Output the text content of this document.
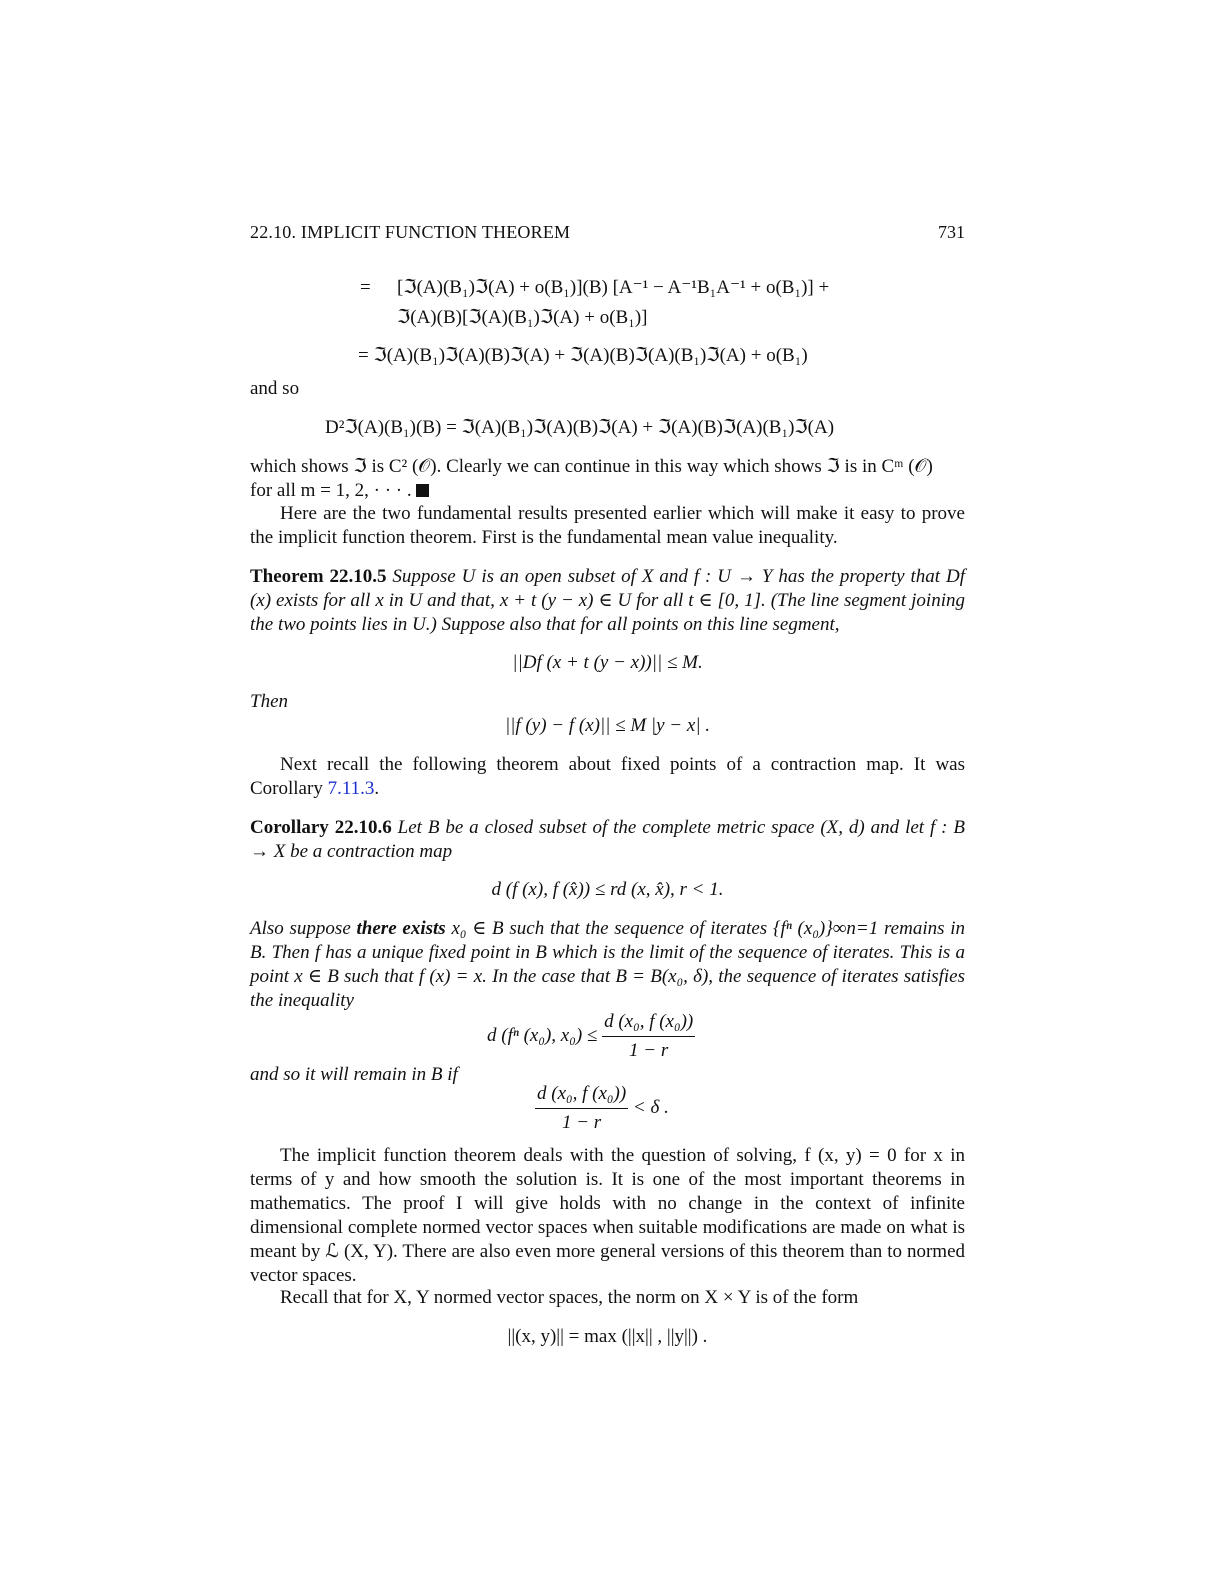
22.10. IMPLICIT FUNCTION THEOREM	731
= [ℑ(A)(B₁)ℑ(A) + o(B₁)](B) [A⁻¹ − A⁻¹B₁A⁻¹ + o(B₁)] +
ℑ(A)(B)[ℑ(A)(B₁)ℑ(A) + o(B₁)]
= ℑ(A)(B₁)ℑ(A)(B)ℑ(A) + ℑ(A)(B)ℑ(A)(B₁)ℑ(A) + o(B₁)
and so
D²ℑ(A)(B₁)(B) = ℑ(A)(B₁)ℑ(A)(B)ℑ(A) + ℑ(A)(B)ℑ(A)(B₁)ℑ(A)
which shows ℑ is C² (𝒪). Clearly we can continue in this way which shows ℑ is in Cᵐ (𝒪)
for all m = 1, 2, · · · .
Here are the two fundamental results presented earlier which will make it easy to prove the implicit function theorem. First is the fundamental mean value inequality.
Theorem 22.10.5 Suppose U is an open subset of X and f : U → Y has the property that Df (x) exists for all x in U and that, x + t (y − x) ∈ U for all t ∈ [0, 1]. (The line segment joining the two points lies in U.) Suppose also that for all points on this line segment,
||Df (x + t (y − x))|| ≤ M.
Then
||f (y) − f (x)|| ≤ M |y − x| .
Next recall the following theorem about fixed points of a contraction map. It was Corollary 7.11.3.
Corollary 22.10.6 Let B be a closed subset of the complete metric space (X, d) and let f : B → X be a contraction map
d (f (x), f (x̂)) ≤ rd (x, x̂), r < 1.
Also suppose there exists x₀ ∈ B such that the sequence of iterates {fⁿ (x₀)}∞n=1 remains in B. Then f has a unique fixed point in B which is the limit of the sequence of iterates. This is a point x ∈ B such that f (x) = x. In the case that B = B(x₀, δ), the sequence of iterates satisfies the inequality
d (fⁿ (x₀), $x_0) \le \frac{\text{d (x₀, f (x₀))}}{1 - r}$
and so it will remain in B if
$\frac{\text{d (x₀, f (x₀))}}{1 - r} < \delta$ .
The implicit function theorem deals with the question of solving, f (x, y) = 0 for x in terms of y and how smooth the solution is. It is one of the most important theorems in mathematics. The proof I will give holds with no change in the context of infinite dimensional complete normed vector spaces when suitable modifications are made on what is meant by ℒ (X, Y). There are also even more general versions of this theorem than to normed vector spaces.
Recall that for X, Y normed vector spaces, the norm on X × Y is of the form
||(x, y)|| = max (||x|| , ||y||) .
